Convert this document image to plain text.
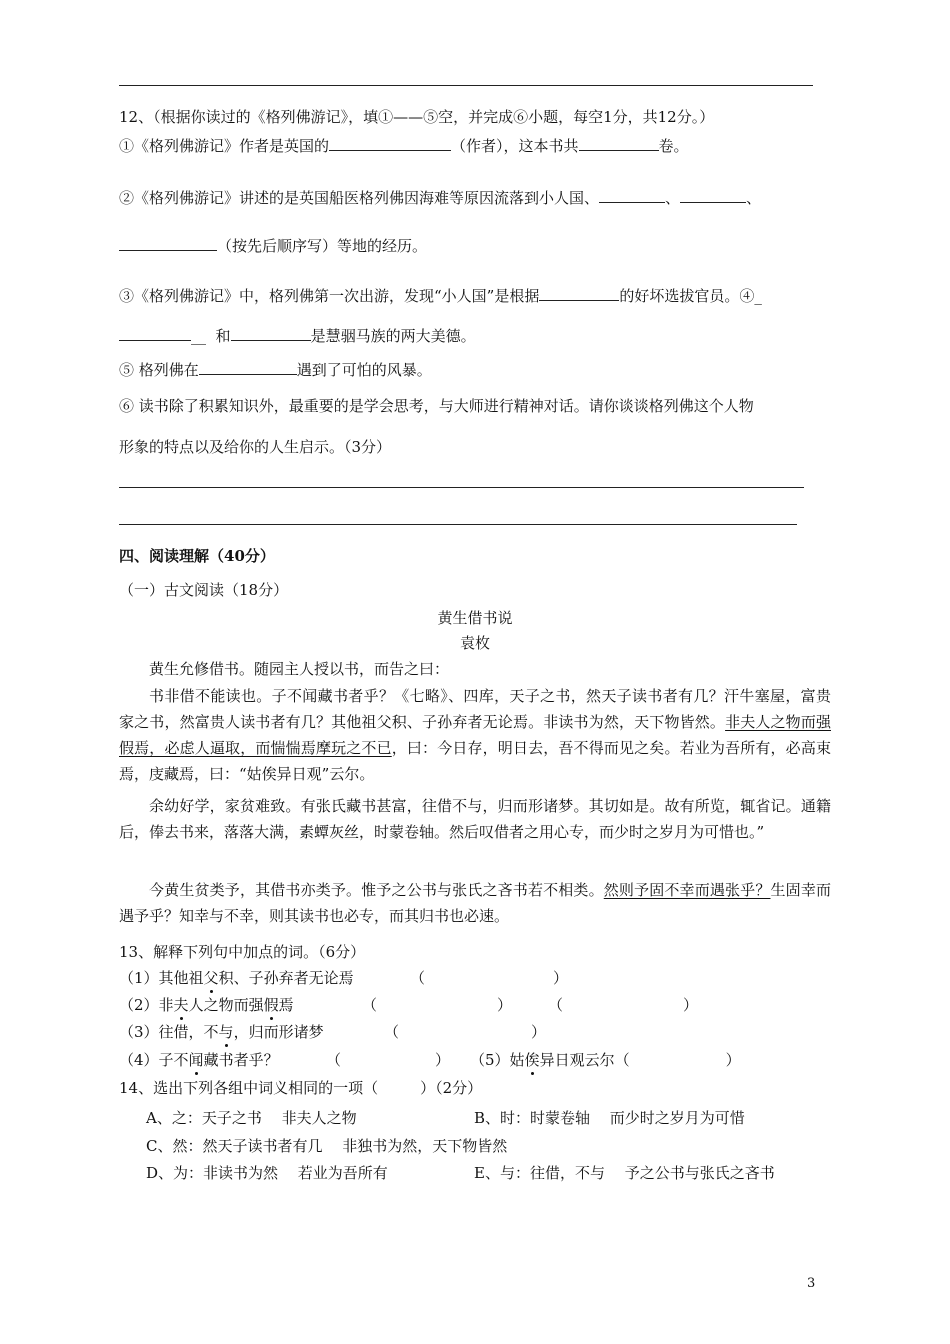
12、（根据你读过的《格列佛游记》，填①——⑤空，并完成⑥小题，每空1分，共12分。）
①《格列佛游记》作者是英国的	（作者），这本书共	卷。
②《格列佛游记》讲述的是英国船医格列佛因海难等原因流落到小人国、	、	、
（按先后顺序写）等地的经历。
③《格列佛游记》中，格列佛第一次出游，发现“小人国”是根据	的好坏选拔官员。④_
__ 和	是慧骃马族的两大美德。
⑤ 格列佛在	遇到了可怕的风暴。
⑥ 读书除了积累知识外，最重要的是学会思考，与大师进行精神对话。请你谈谈格列佛这个人物
形象的特点以及给你的人生启示。（3分）
四、阅读理解（40分）
（一）古文阅读（18分）
黄生借书说
袁枚
黄生允修借书。随园主人授以书，而告之曰：
书非借不能读也。子不闻藏书者乎？《七略》、四库，天子之书，然天子读书者有几？汗牛塞屋，富贵家之书，然富贵人读书者有几？其他祖父积、子孙弃者无论焉。非读书为然，天下物皆然。非夫人之物而强假焉，必虑人逼取，而惴惴焉摩玩之不已，曰：今日存，明日去，吾不得而见之矣。若业为吾所有，必高束焉，庋藏焉，曰：“姑俟异日观”云尔。
余幼好学，家贫难致。有张氏藏书甚富，往借不与，归而形诸梦。其切如是。故有所览，辄省记。通籍后，俸去书来，落落大满，素蟫灰丝，时蒙卷轴。然后叹借者之用心专，而少时之岁月为可惜也。”
今黄生贫类予，其借书亦类予。惟予之公书与张氏之吝书若不相类。然则予固不幸而遇张乎？生固幸而遇予乎？知幸与不幸，则其读书也必专，而其归书也必速。
13、解释下列句中加点的词。（6分）
（1）其他祖父积、子孙弃者无论焉	（	）
（2）非夫人之物而强假焉	（	） （	）
（3）往借，不与，归而形诸梦	（	）
（4）子不闻藏书者乎？	（	） （5）姑俟异日观云尔（	）
14、选出下列各组中词义相同的一项（	）（2分）
A、之：天子之书　 非夫人之物	B、时：时蒙卷轴　 而少时之岁月为可惜
C、然：然天子读书者有几　 非独书为然，天下物皆然
D、为：非读书为然　 若业为吾所有	E、与：往借，不与　 予之公书与张氏之吝书
3
